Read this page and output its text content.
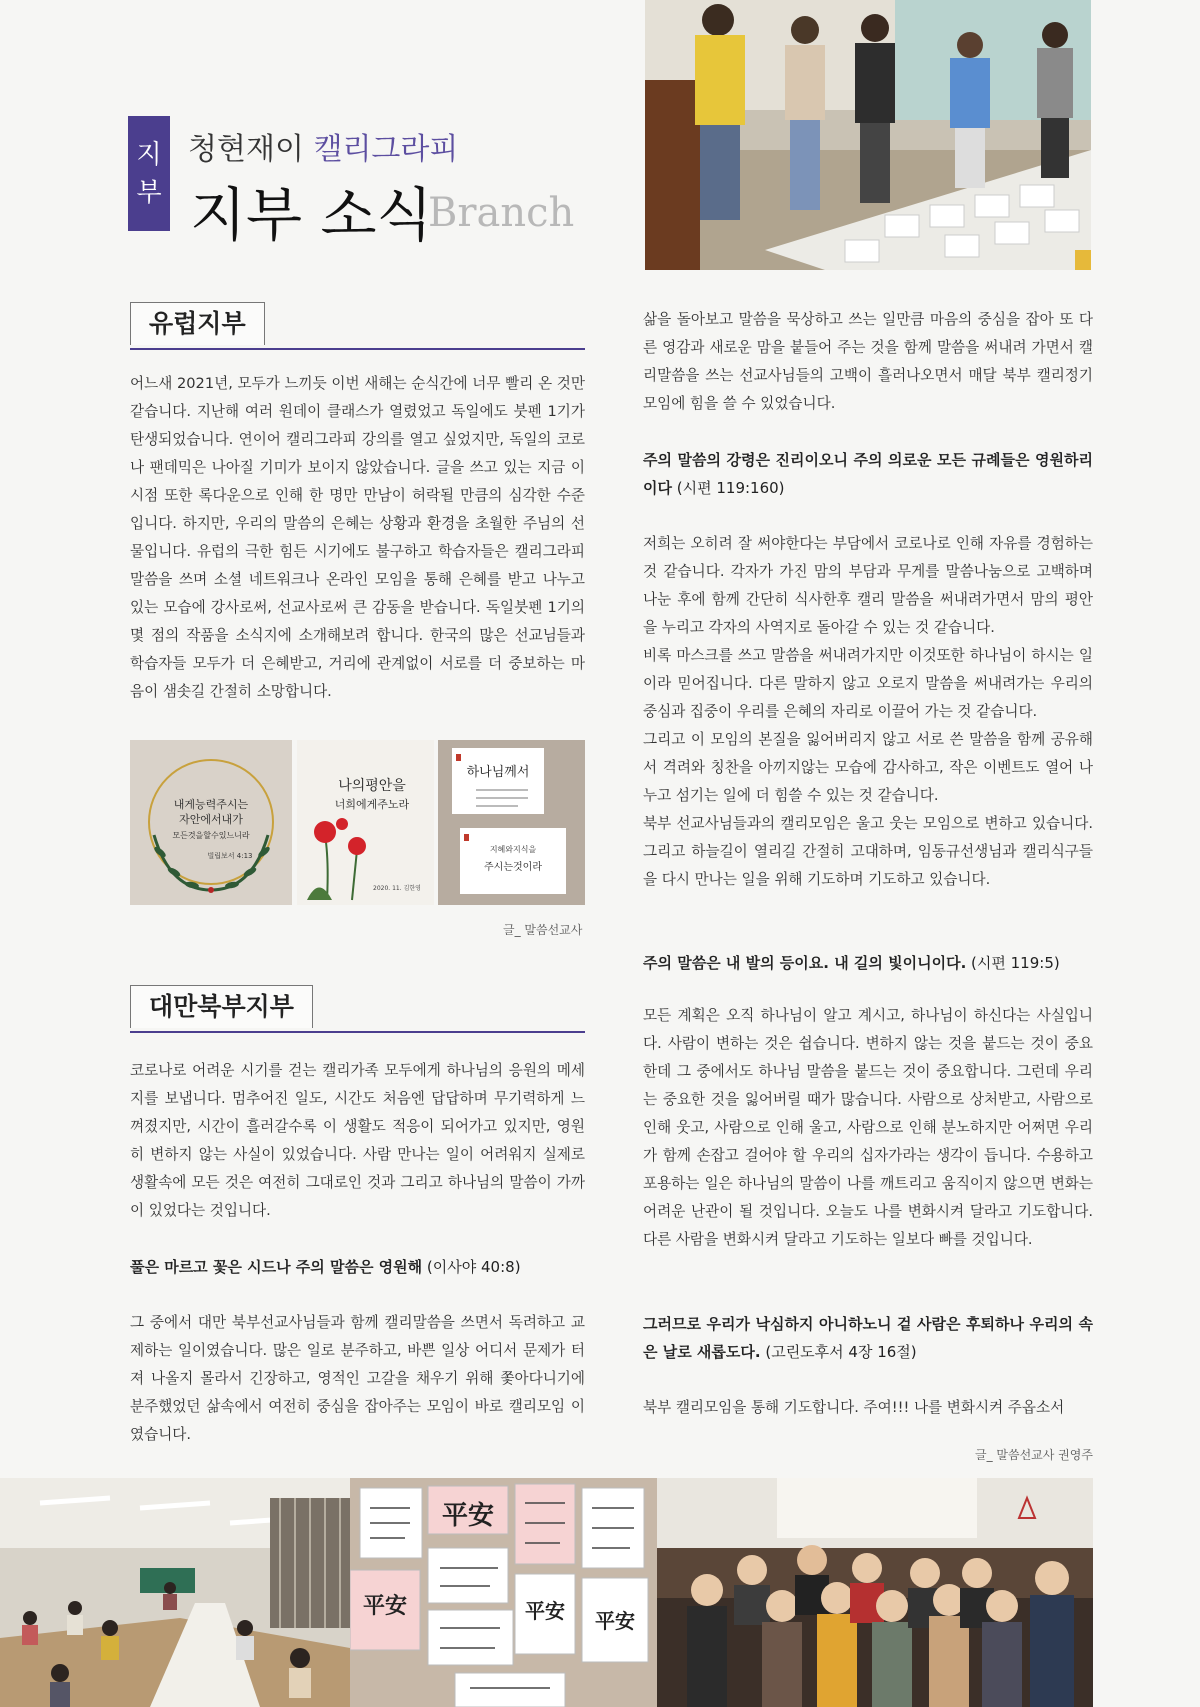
지
부
청현재이 캘리그라피
지부 소식
Branch
유럽지부

어느새 2021년, 모두가 느끼듯 이번 새해는 순식간에 너무 빨리 온 것만 같습니다. 지난해 여러 원데이 클래스가 열렸었고 독일에도 붓펜 1기가 탄생되었습니다. 연이어 캘리그라피 강의를 열고 싶었지만, 독일의 코로나 팬데믹은 나아질 기미가 보이지 않았습니다. 글을 쓰고 있는 지금 이 시점 또한 록다운으로 인해 한 명만 만남이 허락될 만큼의 심각한 수준입니다. 하지만, 우리의 말씀의 은혜는 상황과 환경을 초월한 주님의 선물입니다. 유럽의 극한 힘든 시기에도 불구하고 학습자들은 캘리그라피 말씀을 쓰며 소셜 네트워크나 온라인 모임을 통해 은혜를 받고 나누고 있는 모습에 강사로써, 선교사로써 큰 감동을 받습니다. 독일붓펜 1기의 몇 점의 작품을 소식지에 소개해보려 합니다. 한국의 많은 선교님들과 학습자들 모두가 더 은혜받고, 거리에 관계없이 서로를 더 중보하는 마음이 샘솟길 간절히 소망합니다.

내게능력주시는
자안에서내가
모든것을할수있느니라
빌립보서 4:13
나의평안을
너희에게주노라
2020. 11. 김한영
하나님께서
지혜와지식을
주시는것이라
글_ 말씀선교사
대만북부지부

코로나로 어려운 시기를 걷는 캘리가족 모두에게 하나님의 응원의 메세지를 보냅니다. 멈추어진 일도, 시간도 처음엔 답답하며 무기력하게 느껴졌지만, 시간이 흘러갈수록 이 생활도 적응이 되어가고 있지만, 영원히 변하지 않는 사실이 있었습니다. 사람 만나는 일이 어려워지 실제로 생활속에 모든 것은 여전히 그대로인 것과 그리고 하나님의 말씀이 가까이 있었다는 것입니다.

풀은 마르고 꽃은 시드나 주의 말씀은 영원해 (이사야 40:8)

그 중에서 대만 북부선교사님들과 함께 캘리말씀을 쓰면서 독려하고 교제하는 일이였습니다. 많은 일로 분주하고, 바쁜 일상 어디서 문제가 터져 나올지 몰라서 긴장하고, 영적인 고갈을 채우기 위해 쫓아다니기에 분주했었던 삶속에서 여전히 중심을 잡아주는 모임이 바로 캘리모임 이였습니다.

삶을 돌아보고 말씀을 묵상하고 쓰는 일만큼 마음의 중심을 잡아 또 다른 영감과 새로운 맘을 붙들어 주는 것을 함께 말씀을 써내려 가면서 캘리말씀을 쓰는 선교사님들의 고백이 흘러나오면서 매달 북부 캘리정기 모임에 힘을 쓸 수 있었습니다.

주의 말씀의 강령은 진리이오니 주의 의로운 모든 규례들은 영원하리이다 (시편 119:160)

저희는 오히려 잘 써야한다는 부담에서 코로나로 인해 자유를 경험하는것 같습니다. 각자가 가진 맘의 부담과 무게를 말씀나눔으로 고백하며 나눈 후에 함께 간단히 식사한후 캘리 말씀을 써내려가면서 맘의 평안을 누리고 각자의 사역지로 돌아갈 수 있는 것 같습니다.

비록 마스크를 쓰고 말씀을 써내려가지만 이것또한 하나님이 하시는 일이라 믿어집니다. 다른 말하지 않고 오로지 말씀을 써내려가는 우리의 중심과 집중이 우리를 은혜의 자리로 이끌어 가는 것 같습니다.

그리고 이 모임의 본질을 잃어버리지 않고 서로 쓴 말씀을 함께 공유해서 격려와 칭찬을 아끼지않는 모습에 감사하고, 작은 이벤트도 열어 나누고 섬기는 일에 더 힘쓸 수 있는 것 같습니다.

북부 선교사님들과의 캘리모임은 울고 웃는 모임으로 변하고 있습니다. 그리고 하늘길이 열리길 간절히 고대하며, 임동규선생님과 캘리식구들을 다시 만나는 일을 위해 기도하며 기도하고 있습니다.

주의 말씀은 내 발의 등이요. 내 길의 빛이니이다. (시편 119:5)

모든 계획은 오직 하나님이 알고 계시고, 하나님이 하신다는 사실입니다. 사람이 변하는 것은 쉽습니다. 변하지 않는 것을 붙드는 것이 중요한데 그 중에서도 하나님 말씀을 붙드는 것이 중요합니다. 그런데 우리는 중요한 것을 잃어버릴 때가 많습니다. 사람으로 상처받고, 사람으로 인해 웃고, 사람으로 인해 울고, 사람으로 인해 분노하지만 어쩌면 우리가 함께 손잡고 걸어야 할 우리의 십자가라는 생각이 듭니다. 수용하고 포용하는 일은 하나님의 말씀이 나를 깨트리고 움직이지 않으면 변화는 어려운 난관이 될 것입니다. 오늘도 나를 변화시켜 달라고 기도합니다. 다른 사람을 변화시켜 달라고 기도하는 일보다 빠를 것입니다.

그러므로 우리가 낙심하지 아니하노니 겉 사람은 후퇴하나 우리의 속은 날로 새롭도다. (고린도후서 4장 16절)

북부 캘리모임을 통해 기도합니다. 주여!!! 나를 변화시켜 주옵소서

글_ 말씀선교사 권영주
平安
平安	平安 平安
